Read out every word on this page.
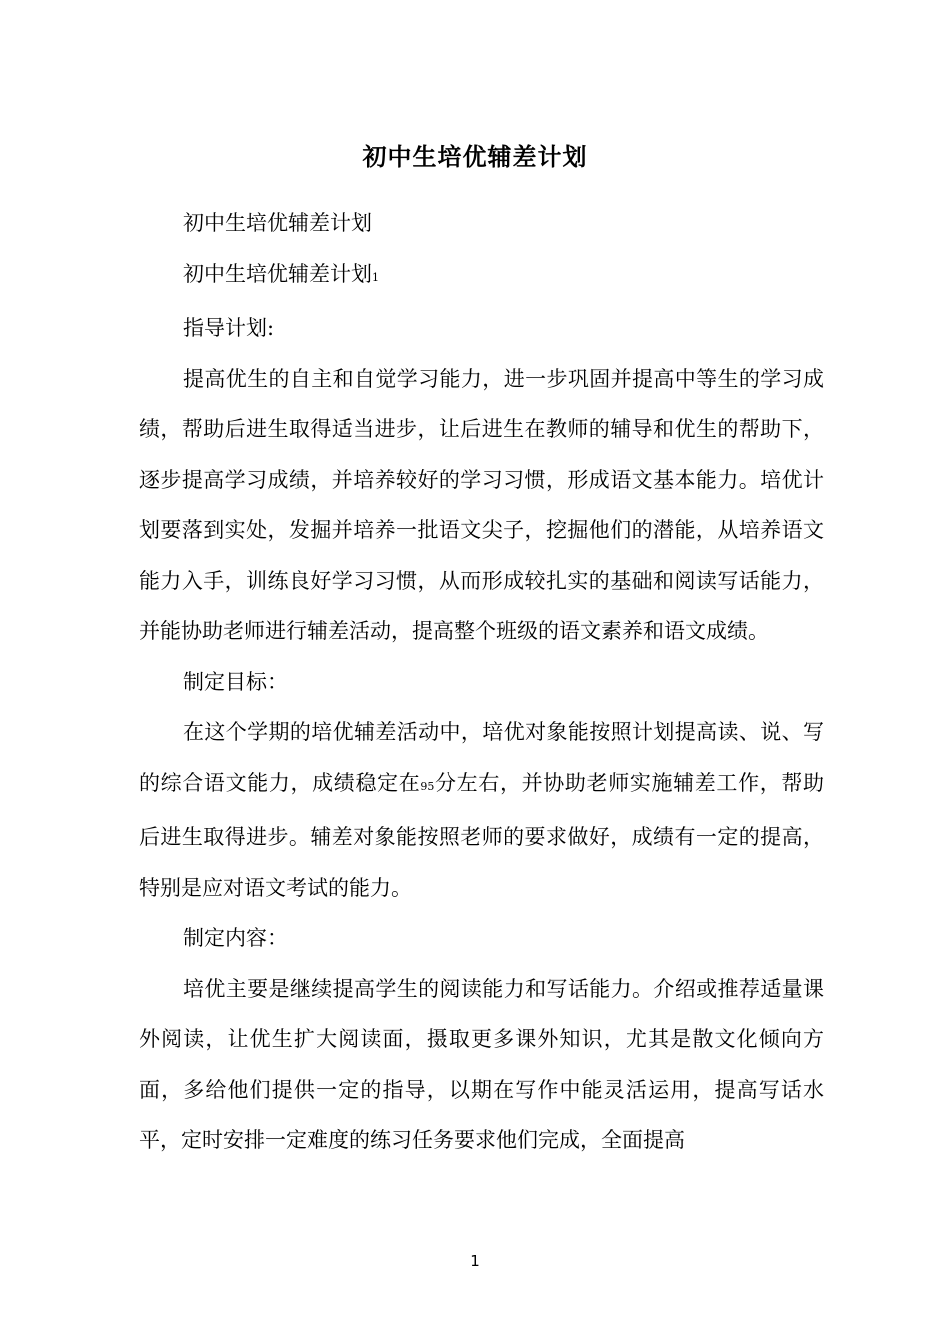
初中生培优辅差计划

初中生培优辅差计划

初中生培优辅差计划1

指导计划:

提高优生的自主和自觉学习能力，进一步巩固并提高中等生的学习成绩，帮助后进生取得适当进步，让后进生在教师的辅导和优生的帮助下，逐步提高学习成绩，并培养较好的学习习惯，形成语文基本能力。培优计划要落到实处，发掘并培养一批语文尖子，挖掘他们的潜能，从培养语文能力入手，训练良好学习习惯，从而形成较扎实的基础和阅读写话能力，并能协助老师进行辅差活动，提高整个班级的语文素养和语文成绩。

制定目标：

在这个学期的培优辅差活动中，培优对象能按照计划提高读、说、写的综合语文能力，成绩稳定在95分左右，并协助老师实施辅差工作，帮助后进生取得进步。辅差对象能按照老师的要求做好，成绩有一定的提高，特别是应对语文考试的能力。

制定内容：

培优主要是继续提高学生的阅读能力和写话能力。介绍或推荐适量课外阅读，让优生扩大阅读面，摄取更多课外知识，尤其是散文化倾向方面，多给他们提供一定的指导，以期在写作中能灵活运用，提高写话水平，定时安排一定难度的练习任务要求他们完成，全面提高

1
